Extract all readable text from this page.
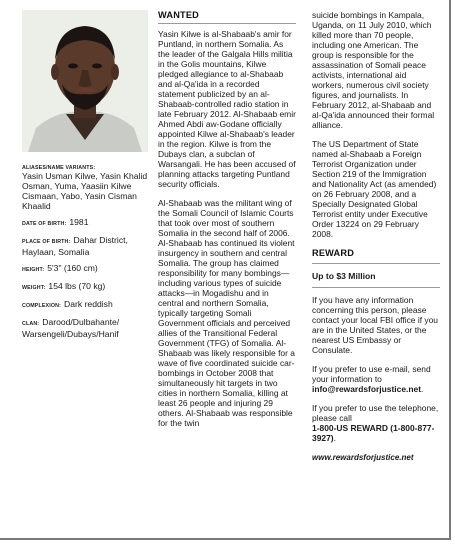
ALIASES/NAME VARIANTS:
Yasin Usman Kilwe, Yasin Khalid Osman, Yuma, Yaasiin Kilwe Cismaan, Yabo, Yasin Cisman Khaalid
DATE OF BIRTH: 1981
PLACE OF BIRTH: Dahar District, Haylaan, Somalia
HEIGHT: 5'3" (160 cm)
WEIGHT: 154 lbs (70 kg)
COMPLEXION: Dark reddish
CLAN: Darood/Dulbahante/ Warsengeli/Dubays/Hanif
WANTED

Yasin Kilwe is al-Shabaab's amir for Puntland, in northern Somalia. As the leader of the Galgala Hills militia in the Golis mountains, Kilwe pledged allegiance to al-Shabaab and al-Qa'ida in a recorded statement publicized by an al-Shabaab-controlled radio station in late February 2012. Al-Shabaab emir Ahmed Abdi aw-Godane officially appointed Kilwe al-Shabaab's leader in the region. Kilwe is from the Dubays clan, a subclan of Warsangali. He has been accused of planning attacks targeting Puntland security officials.

Al-Shabaab was the militant wing of the Somali Council of Islamic Courts that took over most of southern Somalia in the second half of 2006. Al-Shabaab has continued its violent insurgency in southern and central Somalia. The group has claimed responsibility for many bombings—including various types of suicide attacks—in Mogadishu and in central and northern Somalia, typically targeting Somali Government officials and perceived allies of the Transitional Federal Government (TFG) of Somalia. Al-Shabaab was likely responsible for a wave of five coordinated suicide car-bombings in October 2008 that simultaneously hit targets in two cities in northern Somalia, killing at least 26 people and injuring 29 others. Al-Shabaab was responsible for the twin

suicide bombings in Kampala, Uganda, on 11 July 2010, which killed more than 70 people, including one American. The group is responsible for the assassination of Somali peace activists, international aid workers, numerous civil society figures, and journalists. In February 2012, al-Shabaab and al-Qa'ida announced their formal alliance.

The US Department of State named al-Shabaab a Foreign Terrorist Organization under Section 219 of the Immigration and Nationality Act (as amended) on 26 February 2008, and a Specially Designated Global Terrorist entity under Executive Order 13224 on 29 February 2008.

REWARD

Up to $3 Million

If you have any information concerning this person, please contact your local FBI office if you are in the United States, or the nearest US Embassy or Consulate.

If you prefer to use e-mail, send your information to info@rewardsforjustice.net.

If you prefer to use the telephone, please call
1-800-US REWARD (1-800-877-3927).

www.rewardsforjustice.net
